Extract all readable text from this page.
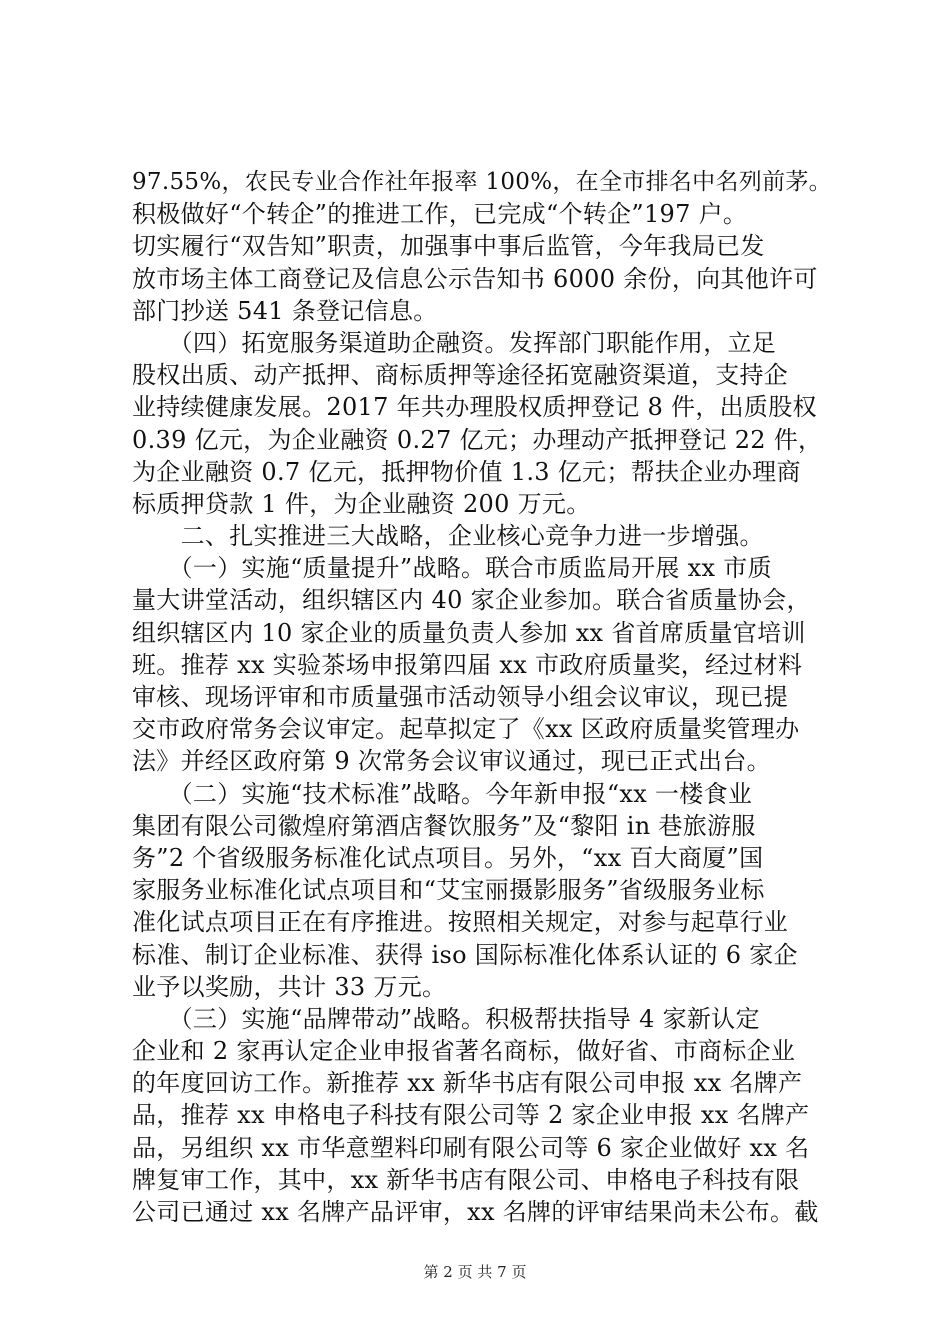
97.55%，农民专业合作社年报率 100%，在全市排名中名列前茅。
积极做好“个转企”的推进工作，已完成“个转企”197 户。
切实履行“双告知”职责，加强事中事后监管，今年我局已发
放市场主体工商登记及信息公示告知书 6000 余份，向其他许可
部门抄送 541 条登记信息。
　　（四）拓宽服务渠道助企融资。发挥部门职能作用，立足
股权出质、动产抵押、商标质押等途径拓宽融资渠道，支持企
业持续健康发展。2017 年共办理股权质押登记 8 件，出质股权
0.39 亿元，为企业融资 0.27 亿元；办理动产抵押登记 22 件，
为企业融资 0.7 亿元，抵押物价值 1.3 亿元；帮扶企业办理商
标质押贷款 1 件，为企业融资 200 万元。
　　二、扎实推进三大战略，企业核心竞争力进一步增强。
　　（一）实施“质量提升”战略。联合市质监局开展 xx 市质
量大讲堂活动，组织辖区内 40 家企业参加。联合省质量协会，
组织辖区内 10 家企业的质量负责人参加 xx 省首席质量官培训
班。推荐 xx 实验茶场申报第四届 xx 市政府质量奖，经过材料
审核、现场评审和市质量强市活动领导小组会议审议，现已提
交市政府常务会议审定。起草拟定了《xx 区政府质量奖管理办
法》并经区政府第 9 次常务会议审议通过，现已正式出台。
　　（二）实施“技术标准”战略。今年新申报“xx 一楼食业
集团有限公司徽煌府第酒店餐饮服务”及“黎阳 in 巷旅游服
务”2 个省级服务标准化试点项目。另外，“xx 百大商厦”国
家服务业标准化试点项目和“艾宝丽摄影服务”省级服务业标
准化试点项目正在有序推进。按照相关规定，对参与起草行业
标准、制订企业标准、获得 iso 国际标准化体系认证的 6 家企
业予以奖励，共计 33 万元。
　　（三）实施“品牌带动”战略。积极帮扶指导 4 家新认定
企业和 2 家再认定企业申报省著名商标，做好省、市商标企业
的年度回访工作。新推荐 xx 新华书店有限公司申报 xx 名牌产
品，推荐 xx 申格电子科技有限公司等 2 家企业申报 xx 名牌产
品，另组织 xx 市华意塑料印刷有限公司等 6 家企业做好 xx 名
牌复审工作，其中，xx 新华书店有限公司、申格电子科技有限
公司已通过 xx 名牌产品评审，xx 名牌的评审结果尚未公布。截
第 2 页 共 7 页
